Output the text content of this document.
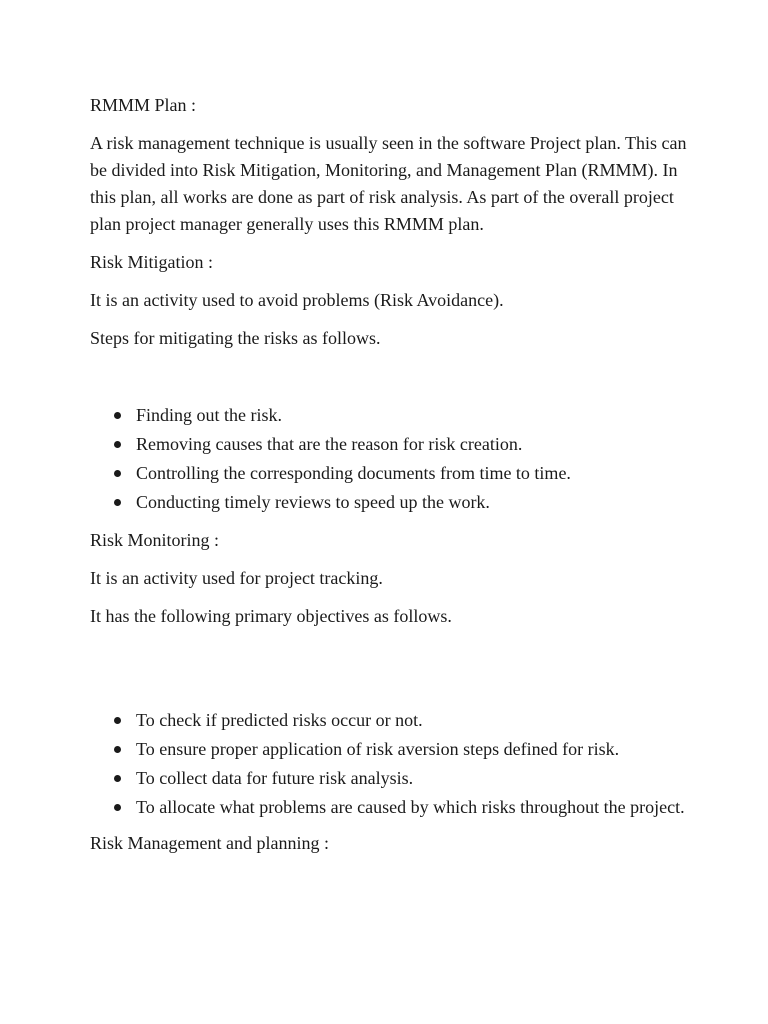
RMMM Plan :

A risk management technique is usually seen in the software Project plan. This can be divided into Risk Mitigation, Monitoring, and Management Plan (RMMM). In this plan, all works are done as part of risk analysis. As part of the overall project plan project manager generally uses this RMMM plan.

Risk Mitigation :

It is an activity used to avoid problems (Risk Avoidance).

Steps for mitigating the risks as follows.

Finding out the risk.
Removing causes that are the reason for risk creation.
Controlling the corresponding documents from time to time.
Conducting timely reviews to speed up the work.

Risk Monitoring :

It is an activity used for project tracking.

It has the following primary objectives as follows.

To check if predicted risks occur or not.
To ensure proper application of risk aversion steps defined for risk.
To collect data for future risk analysis.
To allocate what problems are caused by which risks throughout the project.

Risk Management and planning :
